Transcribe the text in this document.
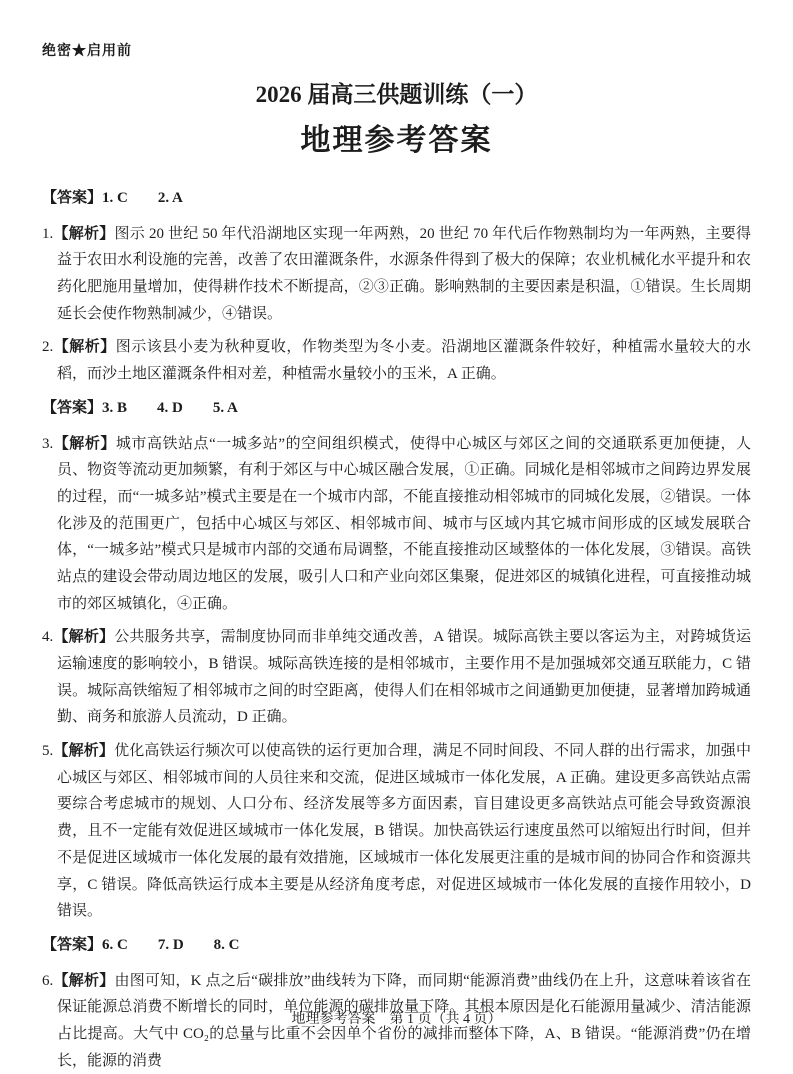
绝密★启用前
2026 届高三供题训练（一）
地理参考答案

【答案】1. C　　2. A

1.【解析】图示 20 世纪 50 年代沿湖地区实现一年两熟，20 世纪 70 年代后作物熟制均为一年两熟，主要得益于农田水利设施的完善，改善了农田灌溉条件，水源条件得到了极大的保障；农业机械化水平提升和农药化肥施用量增加，使得耕作技术不断提高，②③正确。影响熟制的主要因素是积温，①错误。生长周期延长会使作物熟制减少，④错误。

2.【解析】图示该县小麦为秋种夏收，作物类型为冬小麦。沿湖地区灌溉条件较好，种植需水量较大的水稻，而沙土地区灌溉条件相对差，种植需水量较小的玉米，A 正确。

【答案】3. B　　4. D　　5. A

3.【解析】城市高铁站点“一城多站”的空间组织模式，使得中心城区与郊区之间的交通联系更加便捷，人员、物资等流动更加频繁，有利于郊区与中心城区融合发展，①正确。同城化是相邻城市之间跨边界发展的过程，而“一城多站”模式主要是在一个城市内部，不能直接推动相邻城市的同城化发展，②错误。一体化涉及的范围更广，包括中心城区与郊区、相邻城市间、城市与区域内其它城市间形成的区域发展联合体，“一城多站”模式只是城市内部的交通布局调整，不能直接推动区域整体的一体化发展，③错误。高铁站点的建设会带动周边地区的发展，吸引人口和产业向郊区集聚，促进郊区的城镇化进程，可直接推动城市的郊区城镇化，④正确。

4.【解析】公共服务共享，需制度协同而非单纯交通改善，A 错误。城际高铁主要以客运为主，对跨城货运运输速度的影响较小，B 错误。城际高铁连接的是相邻城市，主要作用不是加强城郊交通互联能力，C 错误。城际高铁缩短了相邻城市之间的时空距离，使得人们在相邻城市之间通勤更加便捷，显著增加跨城通勤、商务和旅游人员流动，D 正确。

5.【解析】优化高铁运行频次可以使高铁的运行更加合理，满足不同时间段、不同人群的出行需求，加强中心城区与郊区、相邻城市间的人员往来和交流，促进区域城市一体化发展，A 正确。建设更多高铁站点需要综合考虑城市的规划、人口分布、经济发展等多方面因素，盲目建设更多高铁站点可能会导致资源浪费，且不一定能有效促进区域城市一体化发展，B 错误。加快高铁运行速度虽然可以缩短出行时间，但并不是促进区域城市一体化发展的最有效措施，区域城市一体化发展更注重的是城市间的协同合作和资源共享，C 错误。降低高铁运行成本主要是从经济角度考虑，对促进区域城市一体化发展的直接作用较小，D 错误。

【答案】6. C　　7. D　　8. C

6.【解析】由图可知，K 点之后“碳排放”曲线转为下降，而同期“能源消费”曲线仍在上升，这意味着该省在保证能源总消费不断增长的同时，单位能源的碳排放量下降。其根本原因是化石能源用量减少、清洁能源占比提高。大气中 CO₂的总量与比重不会因单个省份的减排而整体下降，A、B 错误。“能源消费”仍在增长，能源的消费

地理参考答案　第 1 页（共 4 页）
